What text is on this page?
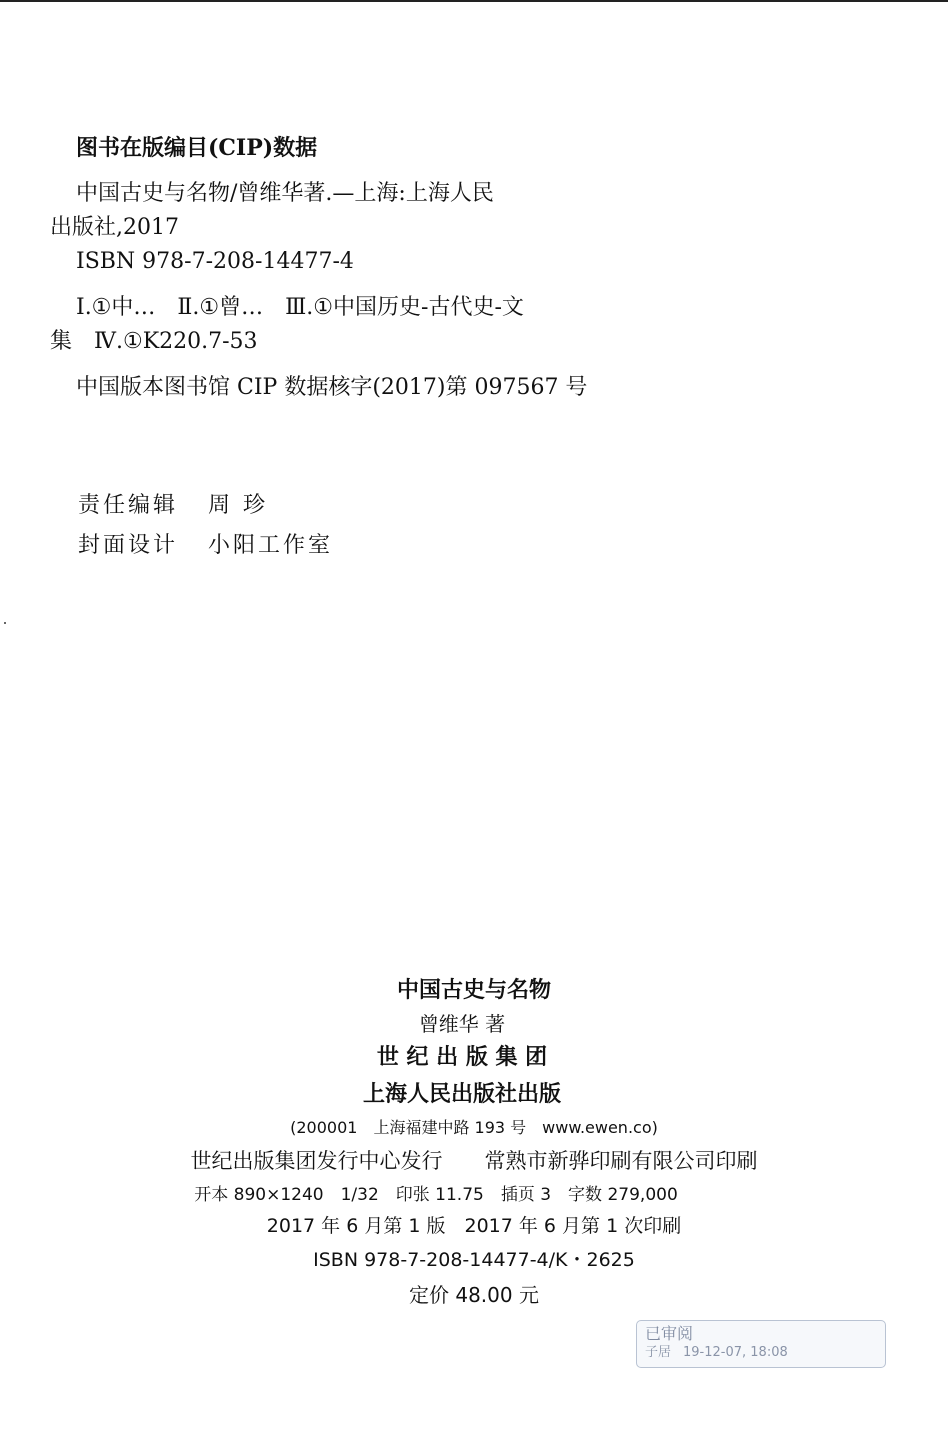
图书在版编目(CIP)数据
中国古史与名物/曾维华著.—上海:上海人民
出版社,2017
ISBN 978-7-208-14477-4
Ⅰ.①中…　Ⅱ.①曾…　Ⅲ.①中国历史-古代史-文
集　Ⅳ.①K220.7-53
中国版本图书馆 CIP 数据核字(2017)第 097567 号
责任编辑 周 珍
封面设计 小阳工作室
中国古史与名物
曾维华 著
世 纪 出 版 集 团
上海人民出版社出版
(200001　上海福建中路 193 号　www.ewen.co)
世纪出版集团发行中心发行　　常熟市新骅印刷有限公司印刷
开本 890×1240　1/32　印张 11.75　插页 3　字数 279,000
2017 年 6 月第 1 版　2017 年 6 月第 1 次印刷
ISBN 978-7-208-14477-4/K・2625
定价 48.00 元
已审阅
子居 19-12-07, 18:08
